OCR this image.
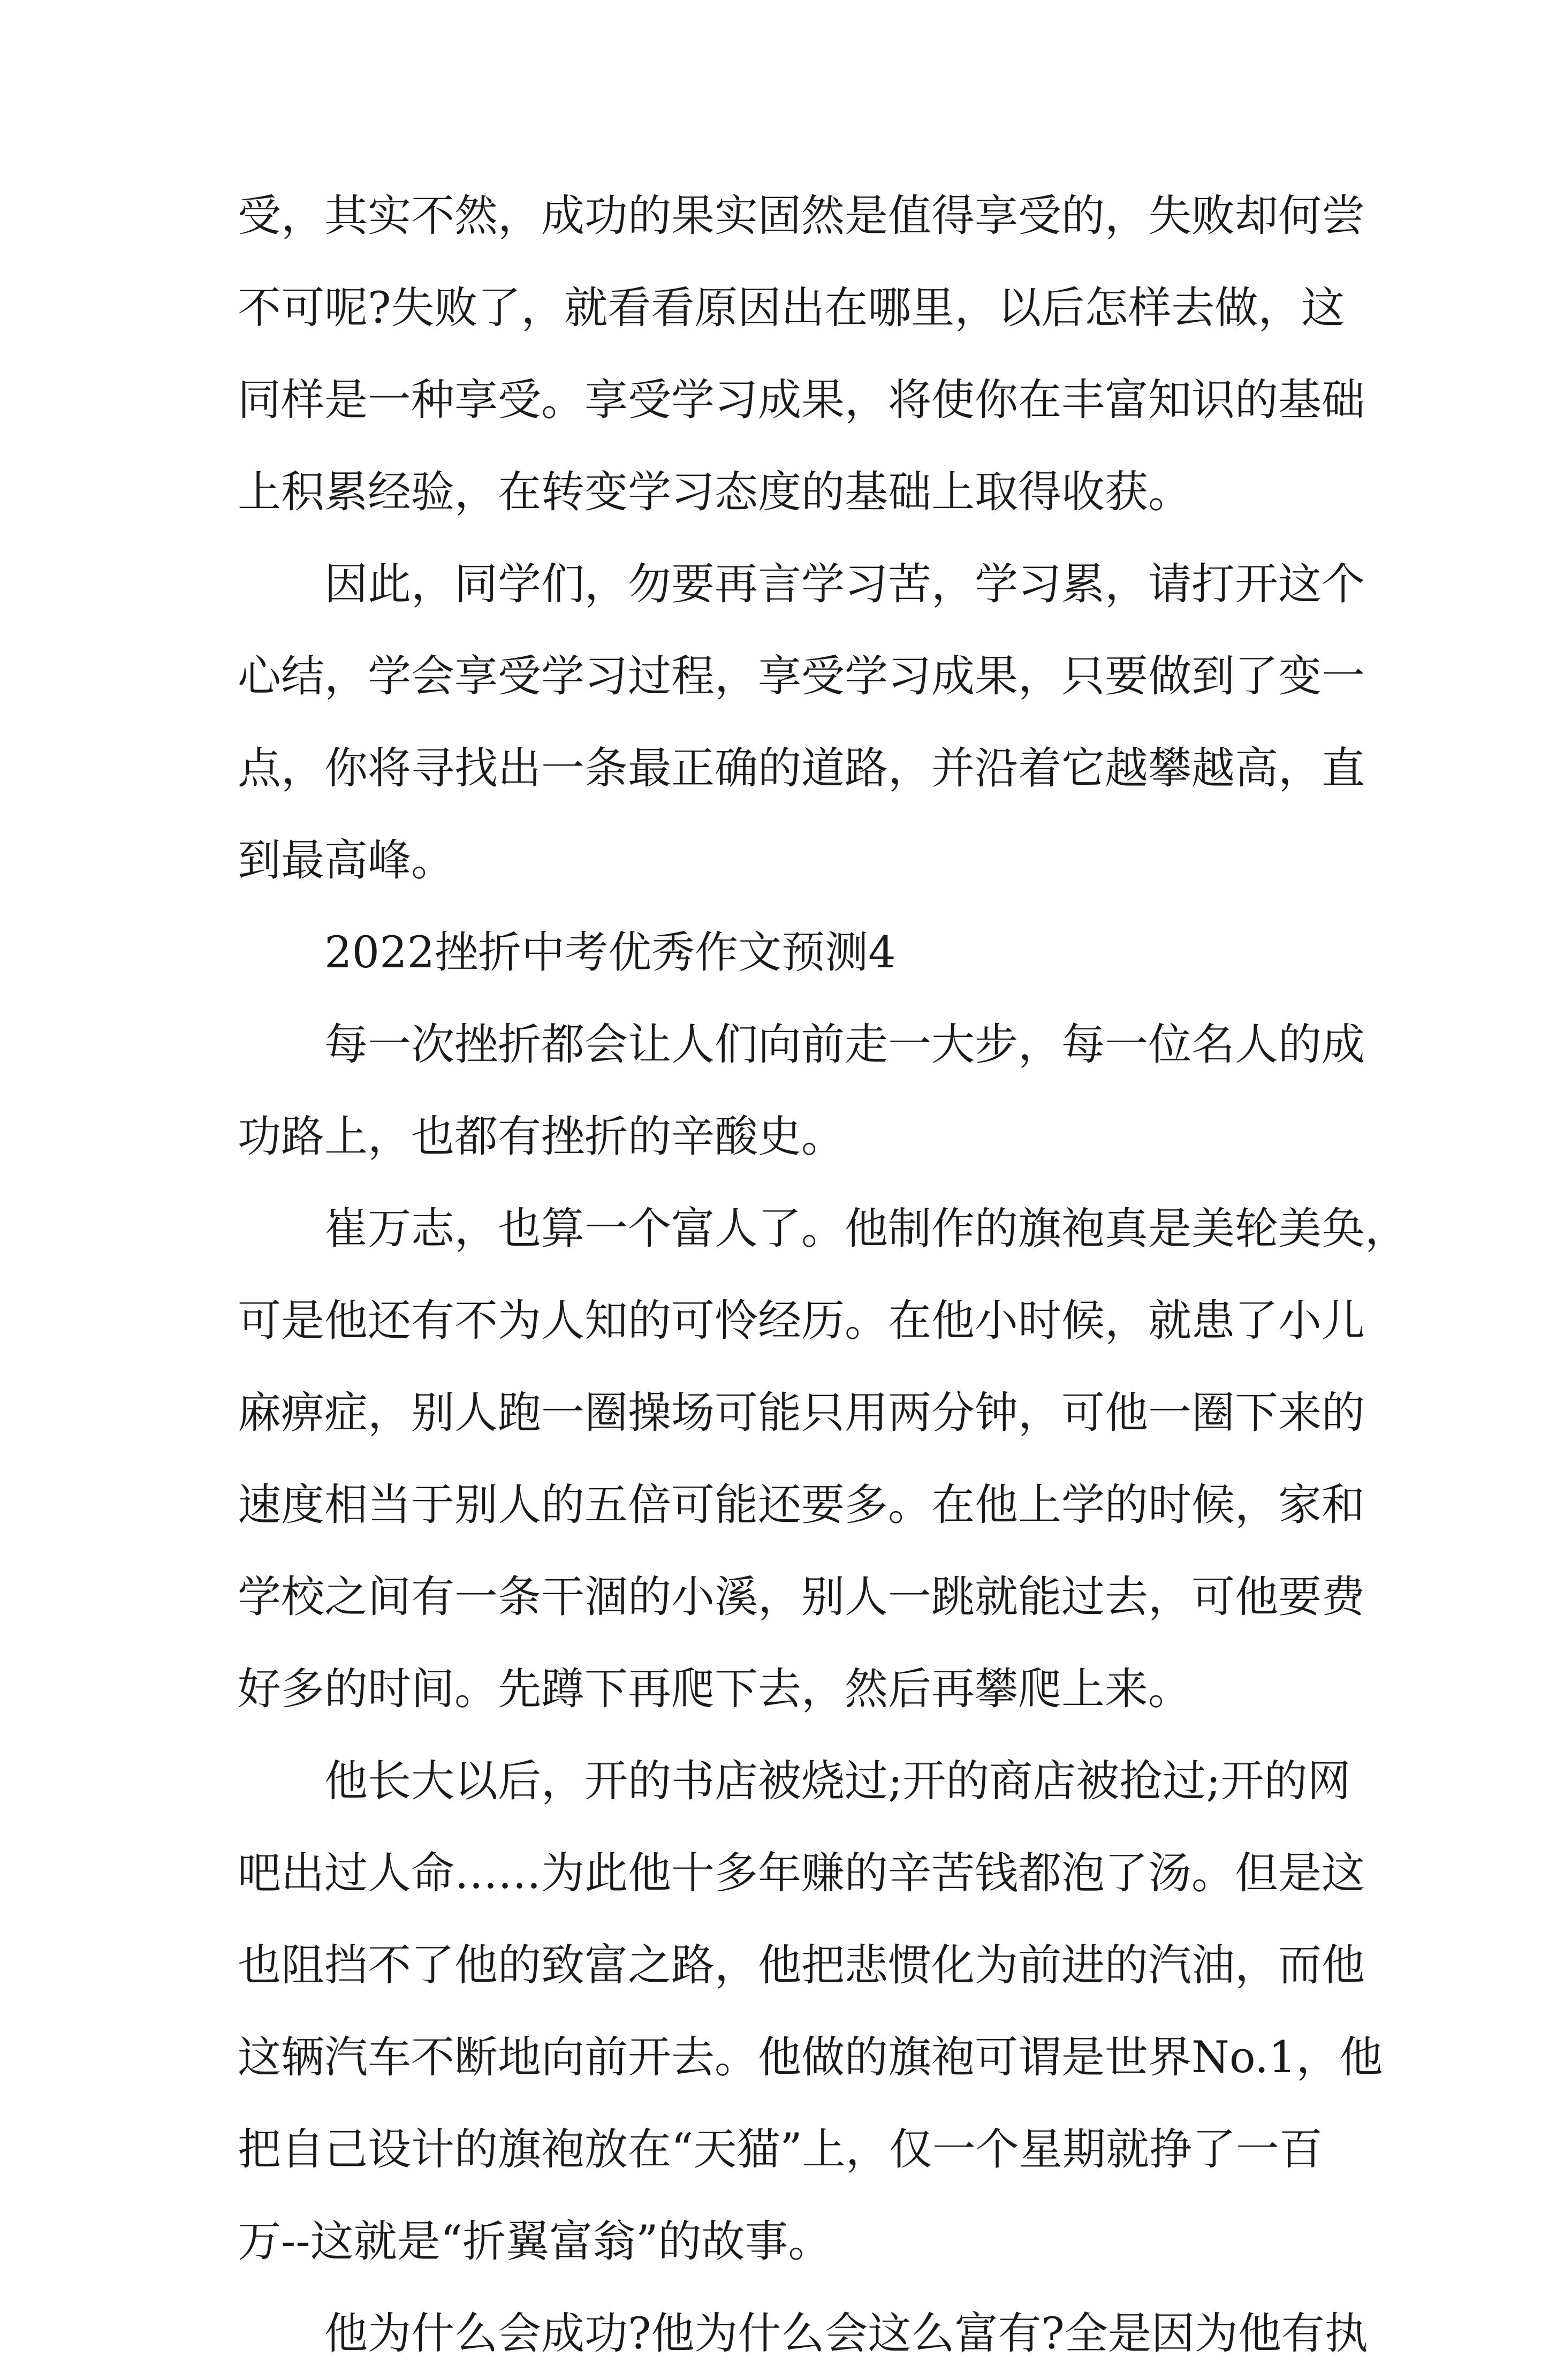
受，其实不然，成功的果实固然是值得享受的，失败却何尝
不可呢?失败了，就看看原因出在哪里，以后怎样去做，这
同样是一种享受。享受学习成果，将使你在丰富知识的基础
上积累经验，在转变学习态度的基础上取得收获。
因此，同学们，勿要再言学习苦，学习累，请打开这个
心结，学会享受学习过程，享受学习成果，只要做到了变一
点，你将寻找出一条最正确的道路，并沿着它越攀越高，直
到最高峰。
2022挫折中考优秀作文预测4
每一次挫折都会让人们向前走一大步，每一位名人的成
功路上，也都有挫折的辛酸史。
崔万志，也算一个富人了。他制作的旗袍真是美轮美奂，
可是他还有不为人知的可怜经历。在他小时候，就患了小儿
麻痹症，别人跑一圈操场可能只用两分钟，可他一圈下来的
速度相当于别人的五倍可能还要多。在他上学的时候，家和
学校之间有一条干涸的小溪，别人一跳就能过去，可他要费
好多的时间。先蹲下再爬下去，然后再攀爬上来。
他长大以后，开的书店被烧过;开的商店被抢过;开的网
吧出过人命……为此他十多年赚的辛苦钱都泡了汤。但是这
也阻挡不了他的致富之路，他把悲惯化为前进的汽油，而他
这辆汽车不断地向前开去。他做的旗袍可谓是世界No.1，他
把自己设计的旗袍放在“天猫”上，仅一个星期就挣了一百
万--这就是“折翼富翁”的故事。
他为什么会成功?他为什么会这么富有?全是因为他有执
